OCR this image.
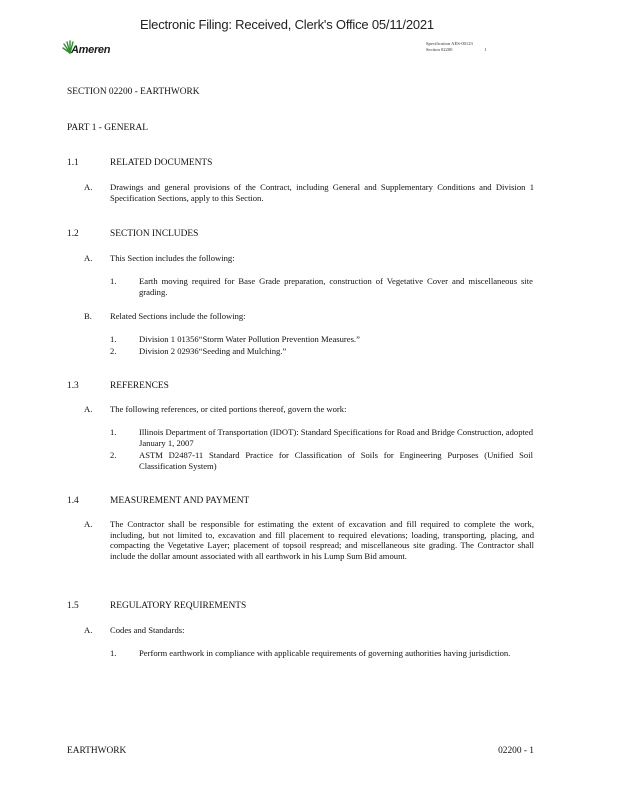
Electronic Filing: Received, Clerk's Office 05/11/2021
Ameren
Specification AES-00123
Section 02200	1
SECTION 02200 - EARTHWORK
PART 1 - GENERAL
1.1	RELATED DOCUMENTS
A. Drawings and general provisions of the Contract, including General and Supplementary Conditions and Division 1 Specification Sections, apply to this Section.
1.2	SECTION INCLUDES
A. This Section includes the following:
1.	Earth moving required for Base Grade preparation, construction of Vegetative Cover and miscellaneous site grading.
B. Related Sections include the following:
1.	Division 1 01356“Storm Water Pollution Prevention Measures.”
2.	Division 2 02936“Seeding and Mulching.”
1.3	REFERENCES
A. The following references, or cited portions thereof, govern the work:
1.	Illinois Department of Transportation (IDOT): Standard Specifications for Road and Bridge Construction, adopted January 1, 2007
2.	ASTM D2487-11 Standard Practice for Classification of Soils for Engineering Purposes (Unified Soil Classification System)
1.4	MEASUREMENT AND PAYMENT
A. The Contractor shall be responsible for estimating the extent of excavation and fill required to complete the work, including, but not limited to, excavation and fill placement to required elevations; loading, transporting, placing, and compacting the Vegetative Layer; placement of topsoil respread; and miscellaneous site grading. The Contractor shall include the dollar amount associated with all earthwork in his Lump Sum Bid amount.
1.5	REGULATORY REQUIREMENTS
A. Codes and Standards:
1.	Perform earthwork in compliance with applicable requirements of governing authorities having jurisdiction.
EARTHWORK	02200 - 1
